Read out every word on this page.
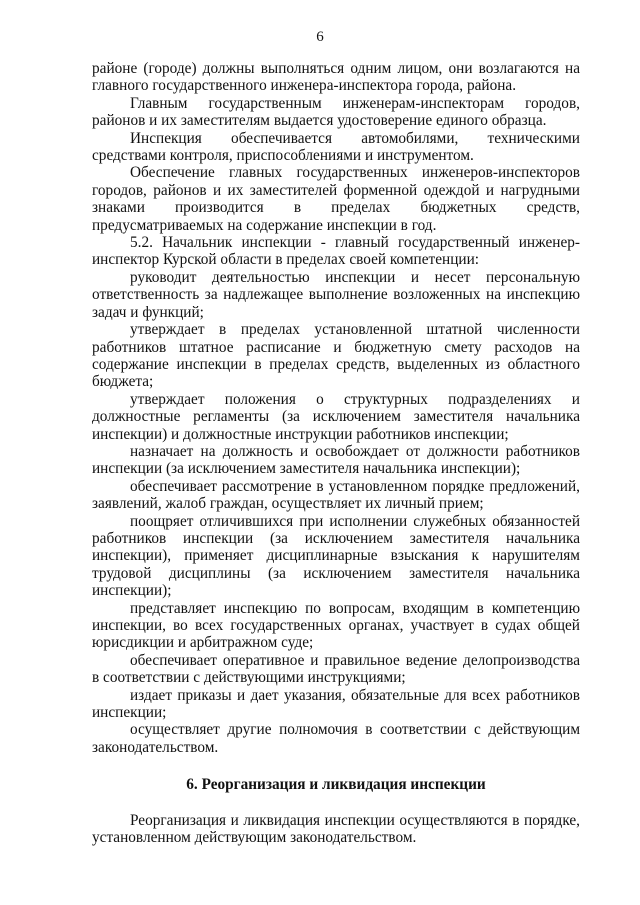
6

районе (городе) должны выполняться одним лицом, они возлагаются на главного государственного инженера-инспектора города, района.

Главным государственным инженерам-инспекторам городов, районов и их заместителям выдается удостоверение единого образца.

Инспекция обеспечивается автомобилями, техническими средствами контроля, приспособлениями и инструментом.

Обеспечение главных государственных инженеров-инспекторов городов, районов и их заместителей форменной одеждой и нагрудными знаками производится в пределах бюджетных средств, предусматриваемых на содержание инспекции в год.

5.2. Начальник инспекции - главный государственный инженер-инспектор Курской области в пределах своей компетенции:

руководит деятельностью инспекции и несет персональную ответственность за надлежащее выполнение возложенных на инспекцию задач и функций;

утверждает в пределах установленной штатной численности работников штатное расписание и бюджетную смету расходов на содержание инспекции в пределах средств, выделенных из областного бюджета;

утверждает положения о структурных подразделениях и должностные регламенты (за исключением заместителя начальника инспекции) и должностные инструкции работников инспекции;

назначает на должность и освобождает от должности работников инспекции (за исключением заместителя начальника инспекции);

обеспечивает рассмотрение в установленном порядке предложений, заявлений, жалоб граждан, осуществляет их личный прием;

поощряет отличившихся при исполнении служебных обязанностей работников инспекции (за исключением заместителя начальника инспекции), применяет дисциплинарные взыскания к нарушителям трудовой дисциплины (за исключением заместителя начальника инспекции);

представляет инспекцию по вопросам, входящим в компетенцию инспекции, во всех государственных органах, участвует в судах общей юрисдикции и арбитражном суде;

обеспечивает оперативное и правильное ведение делопроизводства в соответствии с действующими инструкциями;

издает приказы и дает указания, обязательные для всех работников инспекции;

осуществляет другие полномочия в соответствии с действующим законодательством.

6. Реорганизация и ликвидация инспекции

Реорганизация и ликвидация инспекции осуществляются в порядке, установленном действующим законодательством.
